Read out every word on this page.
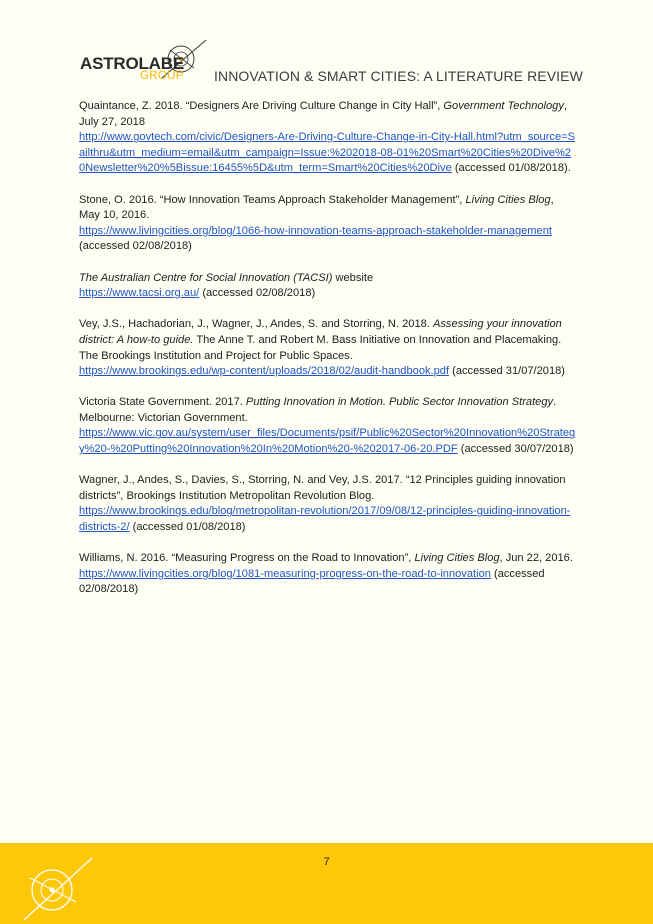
ASTROLABE
GROUP INNOVATION & SMART CITIES: A LITERATURE REVIEW

Quaintance, Z. 2018. “Designers Are Driving Culture Change in City Hall”, Government Technology, July 27, 2018
http://www.govtech.com/civic/Designers-Are-Driving-Culture-Change-in-City-Hall.html?utm_source=Sailthru&utm_medium=email&utm_campaign=Issue:%202018-08-01%20Smart%20Cities%20Dive%20Newsletter%20%5Bissue:16455%5D&utm_term=Smart%20Cities%20Dive (accessed 01/08/2018).

Stone, O. 2016. “How Innovation Teams Approach Stakeholder Management”, Living Cities Blog, May 10, 2016.
https://www.livingcities.org/blog/1066-how-innovation-teams-approach-stakeholder-management
(accessed 02/08/2018)

The Australian Centre for Social Innovation (TACSI) website
https://www.tacsi.org.au/ (accessed 02/08/2018)

Vey, J.S., Hachadorian, J., Wagner, J., Andes, S. and Storring, N. 2018. Assessing your innovation district: A how-to guide. The Anne T. and Robert M. Bass Initiative on Innovation and Placemaking. The Brookings Institution and Project for Public Spaces.
https://www.brookings.edu/wp-content/uploads/2018/02/audit-handbook.pdf (accessed 31/07/2018)

Victoria State Government. 2017. Putting Innovation in Motion. Public Sector Innovation Strategy. Melbourne: Victorian Government.
https://www.vic.gov.au/system/user_files/Documents/psif/Public%20Sector%20Innovation%20Strategy%20-%20Putting%20Innovation%20In%20Motion%20-%202017-06-20.PDF (accessed 30/07/2018)

Wagner, J., Andes, S., Davies, S., Storring, N. and Vey, J.S. 2017. “12 Principles guiding innovation districts”, Brookings Institution Metropolitan Revolution Blog.
https://www.brookings.edu/blog/metropolitan-revolution/2017/09/08/12-principles-guiding-innovation-districts-2/ (accessed 01/08/2018)

Williams, N. 2016. “Measuring Progress on the Road to Innovation”, Living Cities Blog, Jun 22, 2016.
https://www.livingcities.org/blog/1081-measuring-progress-on-the-road-to-innovation (accessed 02/08/2018)

7
